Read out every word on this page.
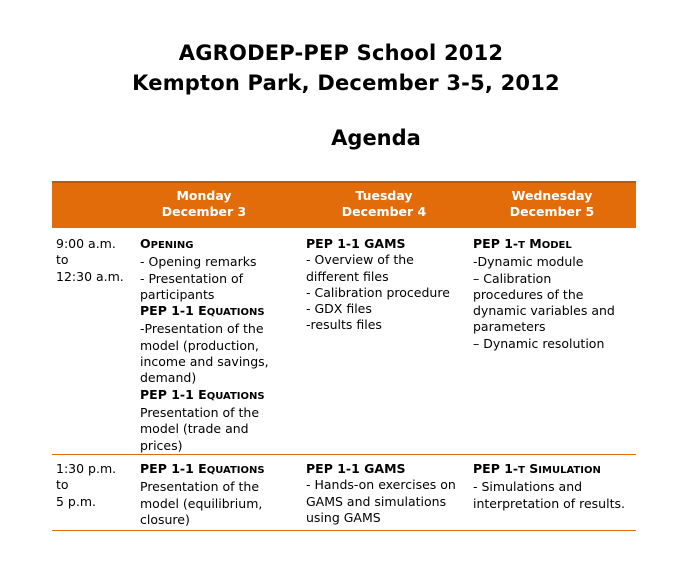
AGRODEP-PEP School 2012
Kempton Park, December 3-5, 2012
Agenda
Monday
December 3
Tuesday
December 4
Wednesday
December 5
9:00 a.m.
to
12:30 a.m.
OPENING
- Opening remarks
- Presentation of
participants
PEP 1-1 EQUATIONS
-Presentation of the
model (production,
income and savings,
demand)
PEP 1-1 EQUATIONS
Presentation of the
model (trade and
prices)
PEP 1-1 GAMS
- Overview of the
different files
- Calibration procedure
- GDX files
-results files
PEP 1-T MODEL
-Dynamic module
– Calibration
procedures of the
dynamic variables and
parameters
– Dynamic resolution
1:30 p.m.
to
5 p.m.
PEP 1-1 EQUATIONS
Presentation of the
model (equilibrium,
closure)
PEP 1-1 GAMS
- Hands-on exercises on
GAMS and simulations
using GAMS
PEP 1-T SIMULATION
- Simulations and
interpretation of results.
